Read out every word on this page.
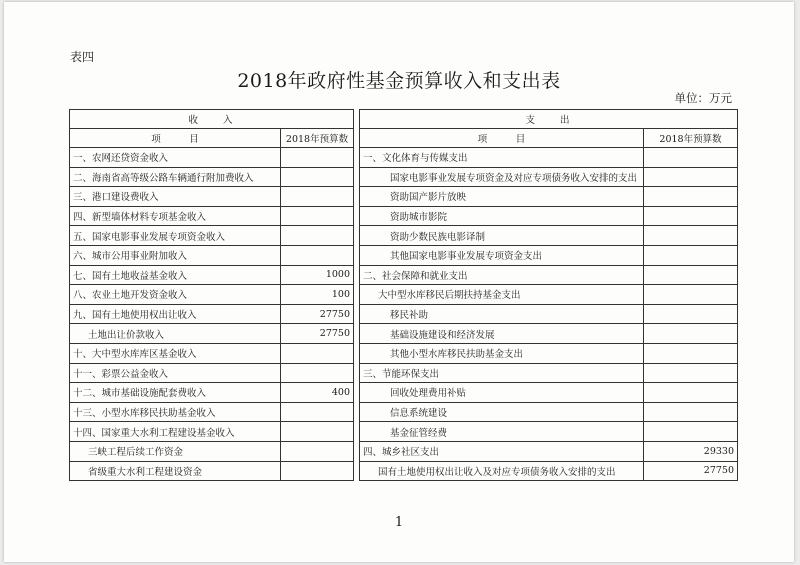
表四
2018年政府性基金预算收入和支出表
单位：万元
收　　入			支　　出	
项　　　目	2018年预算数		项　　　目	2018年预算数
一、农网还贷资金收入			一、文化体育与传媒支出	
二、海南省高等级公路车辆通行附加费收入			国家电影事业发展专项资金及对应专项债务收入安排的支出	
三、港口建设费收入			资助国产影片放映	
四、新型墙体材料专项基金收入			资助城市影院	
五、国家电影事业发展专项资金收入			资助少数民族电影译制	
六、城市公用事业附加收入			其他国家电影事业发展专项资金支出	
七、国有土地收益基金收入	1000		二、社会保障和就业支出	
八、农业土地开发资金收入	100		大中型水库移民后期扶持基金支出	
九、国有土地使用权出让收入	27750		移民补助	
土地出让价款收入	27750		基础设施建设和经济发展	
十、大中型水库库区基金收入			其他小型水库移民扶助基金支出	
十一、彩票公益金收入			三、节能环保支出	
十二、城市基础设施配套费收入	400		回收处理费用补贴	
十三、小型水库移民扶助基金收入			信息系统建设	
十四、国家重大水利工程建设基金收入			基金征管经费	
三峡工程后续工作资金			四、城乡社区支出	29330
省级重大水利工程建设资金			国有土地使用权出让收入及对应专项债务收入安排的支出	27750
1
